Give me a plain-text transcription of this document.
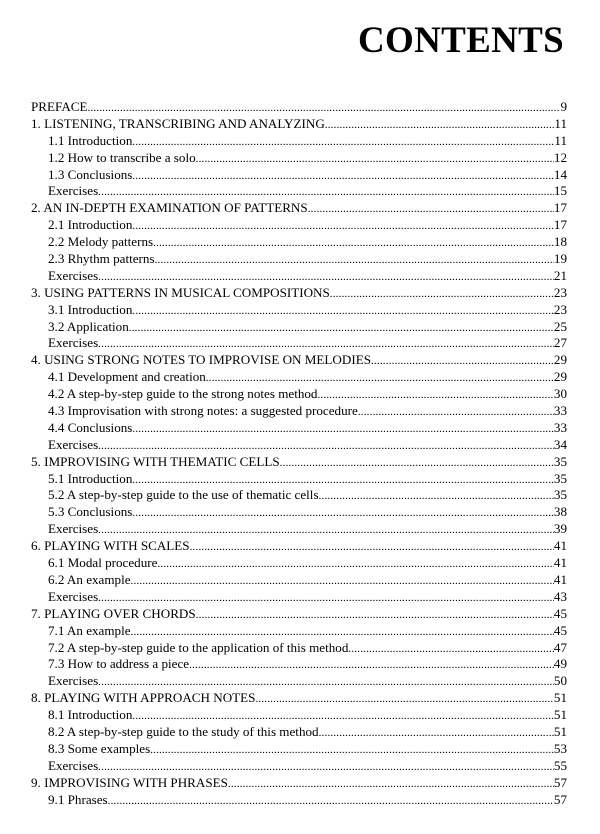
CONTENTS
PREFACE .....	9
1. LISTENING, TRANSCRIBING AND ANALYZING .....	11
1.1 Introduction .....	11
1.2 How to transcribe a solo .....	12
1.3 Conclusions .....	14
Exercises .....	15
2. AN IN-DEPTH EXAMINATION OF PATTERNS .....	17
2.1 Introduction .....	17
2.2 Melody patterns .....	18
2.3 Rhythm patterns .....	19
Exercises .....	21
3. USING PATTERNS IN MUSICAL COMPOSITIONS .....	23
3.1 Introduction .....	23
3.2 Application .....	25
Exercises .....	27
4. USING STRONG NOTES TO IMPROVISE ON MELODIES .....	29
4.1 Development and creation .....	29
4.2 A step-by-step guide to the strong notes method .....	30
4.3 Improvisation with strong notes: a suggested procedure .....	33
4.4 Conclusions .....	33
Exercises .....	34
5. IMPROVISING WITH THEMATIC CELLS .....	35
5.1 Introduction .....	35
5.2 A step-by-step guide to the use of thematic cells .....	35
5.3 Conclusions .....	38
Exercises .....	39
6. PLAYING WITH SCALES .....	41
6.1 Modal procedure .....	41
6.2 An example .....	41
Exercises .....	43
7. PLAYING OVER CHORDS .....	45
7.1 An example .....	45
7.2 A step-by-step guide to the application of this method .....	47
7.3 How to address a piece .....	49
Exercises .....	50
8. PLAYING WITH APPROACH NOTES .....	51
8.1 Introduction .....	51
8.2 A step-by-step guide to the study of this method .....	51
8.3 Some examples .....	53
Exercises .....	55
9. IMPROVISING WITH PHRASES .....	57
9.1 Phrases .....	57
